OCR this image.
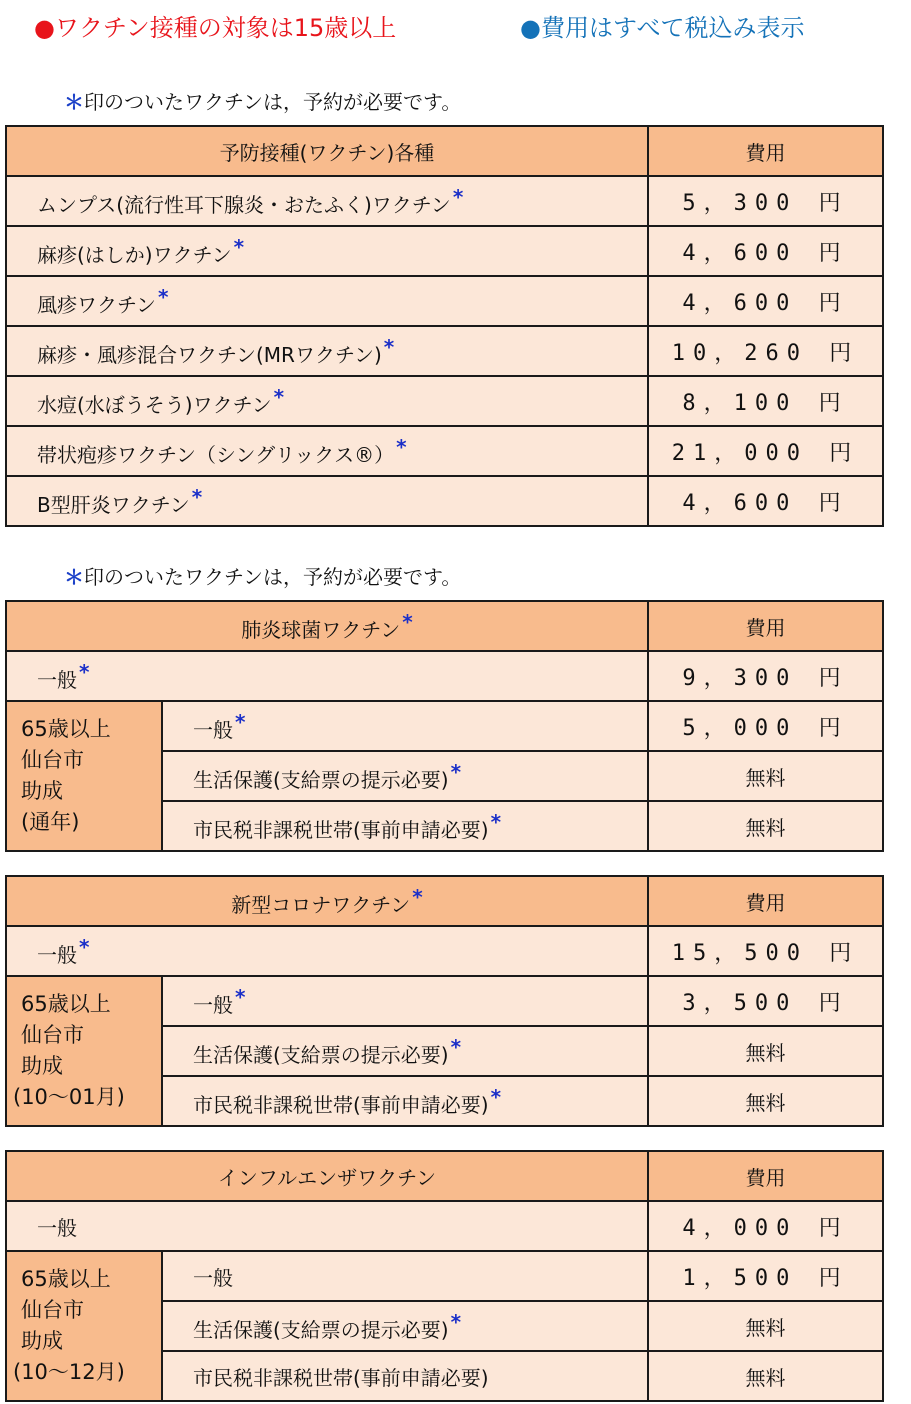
●ワクチン接種の対象は15歳以上	●費用はすべて税込み表示
＊印のついたワクチンは，予約が必要です。
予防接種(ワクチン)各種	費用
ムンプス(流行性耳下腺炎・おたふく)ワクチン *	5，300 円
麻疹(はしか)ワクチン *	4，600 円
風疹ワクチン *	4，600 円
麻疹・風疹混合ワクチン(MRワクチン) *	10，260 円
水痘(水ぼうそう)ワクチン *	8，100 円
帯状疱疹ワクチン（シングリックス®） *	21，000 円
B型肝炎ワクチン *	4，600 円
＊印のついたワクチンは，予約が必要です。
肺炎球菌ワクチン *		費用
一般 *		9，300 円

65歳以上
仙台市
助成
(通年)	一般 *	5，000 円
	生活保護(支給票の提示必要) *	無料
	市民税非課税世帯(事前申請必要) *	無料
新型コロナワクチン *		費用
一般 *		15，500 円

65歳以上
仙台市
助成
(10～01月)	一般 *	3，500 円
	生活保護(支給票の提示必要) *	無料
	市民税非課税世帯(事前申請必要) *	無料
インフルエンザワクチン		費用
一般		4，000 円

65歳以上
仙台市
助成
(10～12月)	一般	1，500 円
	生活保護(支給票の提示必要) *	無料
	市民税非課税世帯(事前申請必要)	無料
